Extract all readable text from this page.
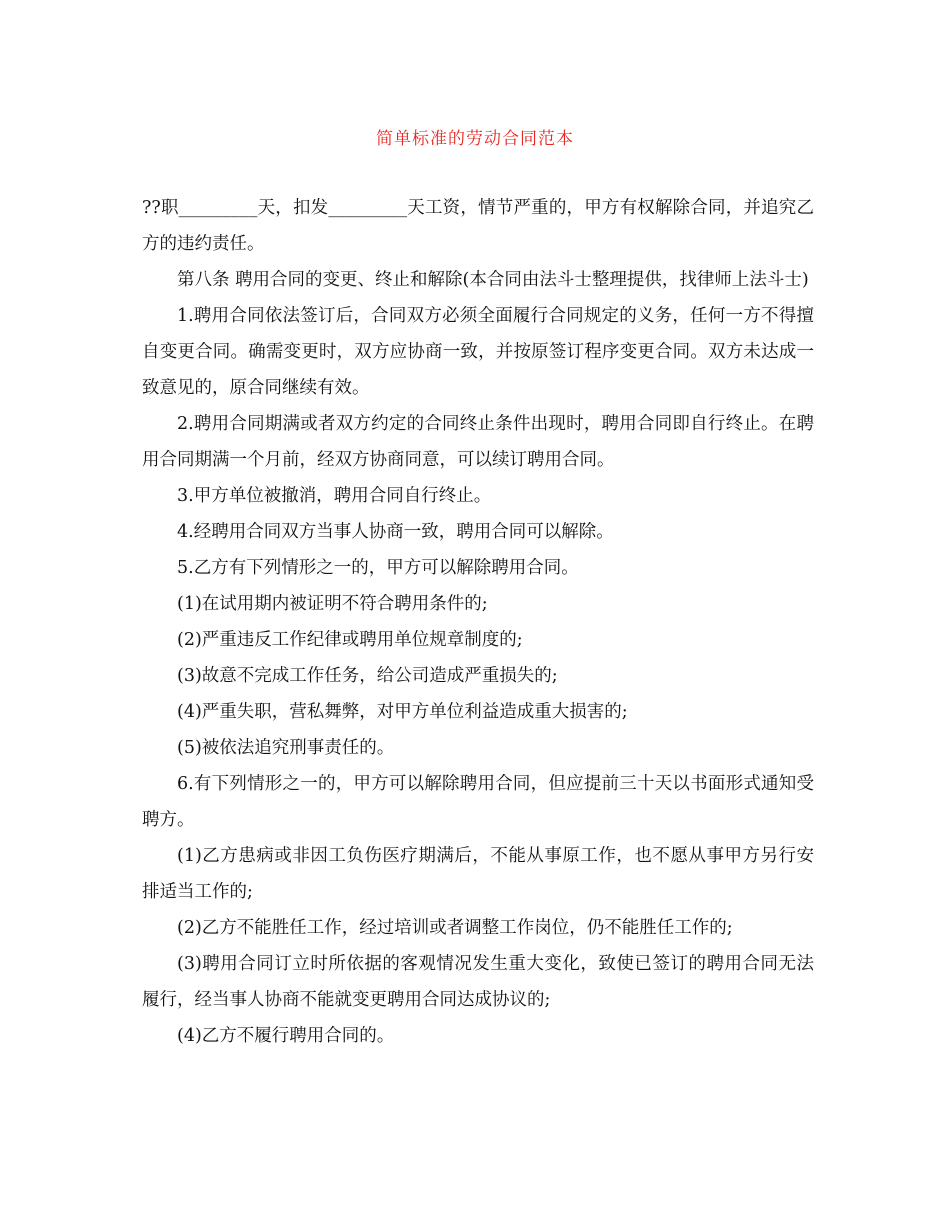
简单标准的劳动合同范本

??职_________天，扣发_________天工资，情节严重的，甲方有权解除合同，并追究乙方的违约责任。

第八条 聘用合同的变更、终止和解除(本合同由法斗士整理提供，找律师上法斗士)

1.聘用合同依法签订后，合同双方必须全面履行合同规定的义务，任何一方不得擅自变更合同。确需变更时，双方应协商一致，并按原签订程序变更合同。双方未达成一致意见的，原合同继续有效。

2.聘用合同期满或者双方约定的合同终止条件出现时，聘用合同即自行终止。在聘用合同期满一个月前，经双方协商同意，可以续订聘用合同。

3.甲方单位被撤消，聘用合同自行终止。

4.经聘用合同双方当事人协商一致，聘用合同可以解除。

5.乙方有下列情形之一的，甲方可以解除聘用合同。

(1)在试用期内被证明不符合聘用条件的;

(2)严重违反工作纪律或聘用单位规章制度的;

(3)故意不完成工作任务，给公司造成严重损失的;

(4)严重失职，营私舞弊，对甲方单位利益造成重大损害的;

(5)被依法追究刑事责任的。

6.有下列情形之一的，甲方可以解除聘用合同，但应提前三十天以书面形式通知受聘方。

(1)乙方患病或非因工负伤医疗期满后，不能从事原工作，也不愿从事甲方另行安排适当工作的;

(2)乙方不能胜任工作，经过培训或者调整工作岗位，仍不能胜任工作的;

(3)聘用合同订立时所依据的客观情况发生重大变化，致使已签订的聘用合同无法履行，经当事人协商不能就变更聘用合同达成协议的;

(4)乙方不履行聘用合同的。
